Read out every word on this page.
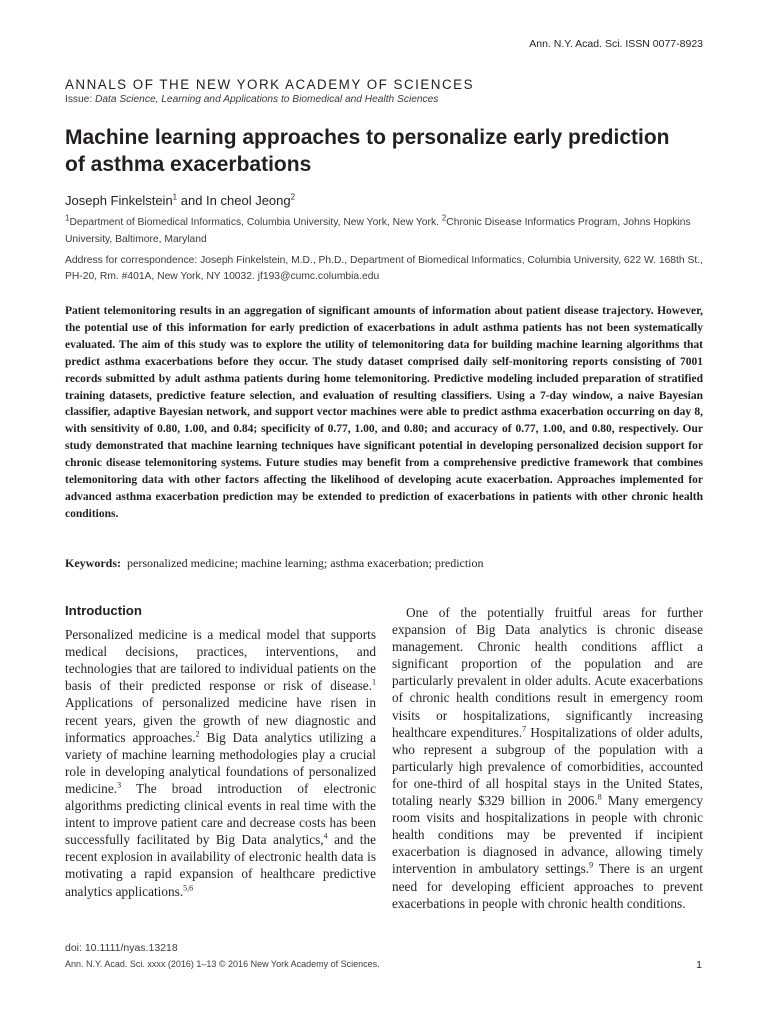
Ann. N.Y. Acad. Sci. ISSN 0077-8923
ANNALS OF THE NEW YORK ACADEMY OF SCIENCES
Issue: Data Science, Learning and Applications to Biomedical and Health Sciences
Machine learning approaches to personalize early prediction of asthma exacerbations
Joseph Finkelstein$^1$ and In cheol Jeong$^2$
$^1$Department of Biomedical Informatics, Columbia University, New York, New York. $^2$Chronic Disease Informatics Program, Johns Hopkins University, Baltimore, Maryland
Address for correspondence: Joseph Finkelstein, M.D., Ph.D., Department of Biomedical Informatics, Columbia University, 622 W. 168th St., PH-20, Rm. #401A, New York, NY 10032. jf193@cumc.columbia.edu
Patient telemonitoring results in an aggregation of significant amounts of information about patient disease trajectory. However, the potential use of this information for early prediction of exacerbations in adult asthma patients has not been systematically evaluated. The aim of this study was to explore the utility of telemonitoring data for building machine learning algorithms that predict asthma exacerbations before they occur. The study dataset comprised daily self-monitoring reports consisting of 7001 records submitted by adult asthma patients during home telemonitoring. Predictive modeling included preparation of stratified training datasets, predictive feature selection, and evaluation of resulting classifiers. Using a 7-day window, a naive Bayesian classifier, adaptive Bayesian network, and support vector machines were able to predict asthma exacerbation occurring on day 8, with sensitivity of 0.80, 1.00, and 0.84; specificity of 0.77, 1.00, and 0.80; and accuracy of 0.77, 1.00, and 0.80, respectively. Our study demonstrated that machine learning techniques have significant potential in developing personalized decision support for chronic disease telemonitoring systems. Future studies may benefit from a comprehensive predictive framework that combines telemonitoring data with other factors affecting the likelihood of developing acute exacerbation. Approaches implemented for advanced asthma exacerbation prediction may be extended to prediction of exacerbations in patients with other chronic health conditions.
Keywords: personalized medicine; machine learning; asthma exacerbation; prediction
Introduction

Personalized medicine is a medical model that supports medical decisions, practices, interventions, and technologies that are tailored to individual patients on the basis of their predicted response or risk of disease.$^1$ Applications of personalized medicine have risen in recent years, given the growth of new diagnostic and informatics approaches.$^2$ Big Data analytics utilizing a variety of machine learning methodologies play a crucial role in developing analytical foundations of personalized medicine.$^3$ The broad introduction of electronic algorithms predicting clinical events in real time with the intent to improve patient care and decrease costs has been successfully facilitated by Big Data analytics,$^4$ and the recent explosion in availability of electronic health data is motivating a rapid expansion of healthcare predictive analytics applications.$^{5,6}$

One of the potentially fruitful areas for further expansion of Big Data analytics is chronic disease management. Chronic health conditions afflict a significant proportion of the population and are particularly prevalent in older adults. Acute exacerbations of chronic health conditions result in emergency room visits or hospitalizations, significantly increasing healthcare expenditures.$^7$ Hospitalizations of older adults, who represent a subgroup of the population with a particularly high prevalence of comorbidities, accounted for one-third of all hospital stays in the United States, totaling nearly $329 billion in 2006.$^8$ Many emergency room visits and hospitalizations in people with chronic health conditions may be prevented if incipient exacerbation is diagnosed in advance, allowing timely intervention in ambulatory settings.$^9$ There is an urgent need for developing efficient approaches to prevent exacerbations in people with chronic health conditions.

doi: 10.1111/nyas.13218
Ann. N.Y. Acad. Sci. xxxx (2016) 1–13 © 2016 New York Academy of Sciences.	1
